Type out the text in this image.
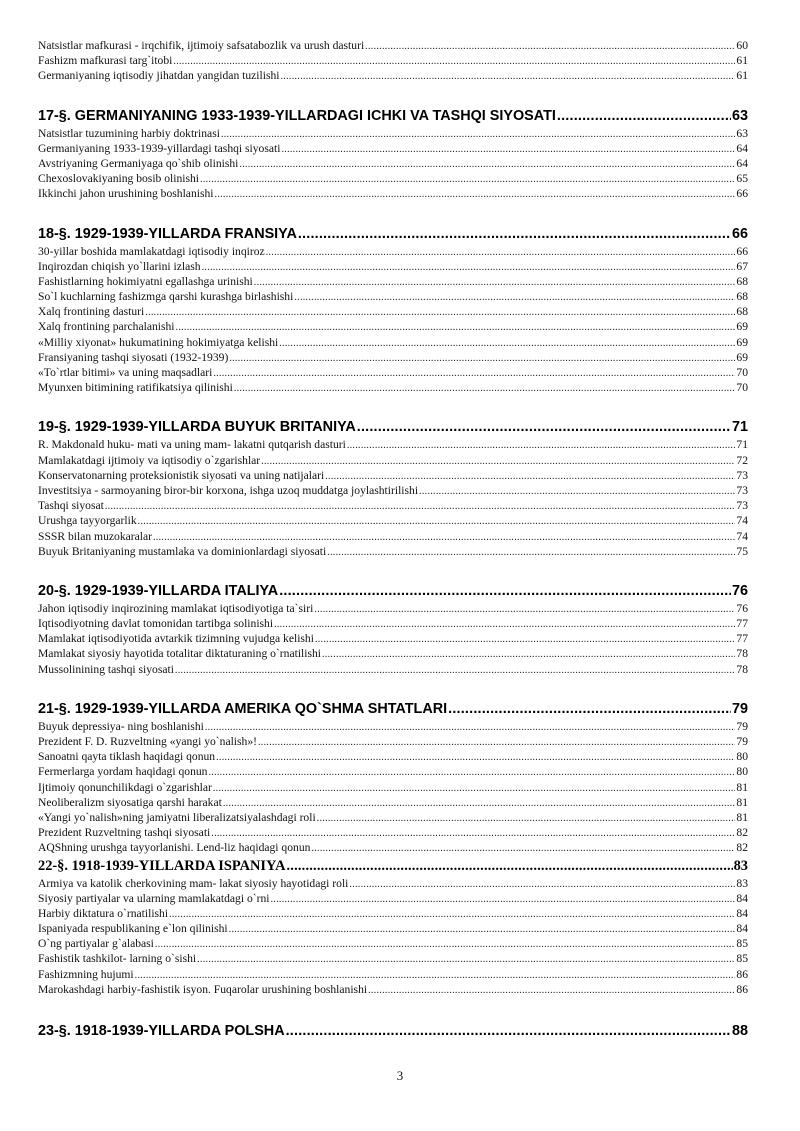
Natsistlar mafkurasi - irqchifik, ijtimoiy safsatabozlik va urush dasturi .....	60
Fashizm mafkurasi targ`itobi .....	61
Germaniyaning iqtisodiy jihatdan yangidan tuzilishi .....	61
17-§. GERMANIYANING 1933-1939-YILLARDAGI ICHKI VA TASHQI SIYOSATI .....	63
Natsistlar tuzumining harbiy doktrinasi .....	63
Germaniyaning 1933-1939-yillardagi tashqi siyosati .....	64
Avstriyaning Germaniyaga qo`shib olinishi .....	64
Chexoslovakiyaning bosib olinishi .....	65
Ikkinchi jahon urushining boshlanishi .....	66
18-§. 1929-1939-YILLARDA FRANSIYA .....	66
30-yillar boshida mamlakatdagi iqtisodiy inqiroz .....	66
Inqirozdan chiqish yo`llarini izlash .....	67
Fashistlarning hokimiyatni egallashga urinishi .....	68
So`l kuchlarning fashizmga qarshi kurashga birlashishi .....	68
Xalq frontining dasturi .....	68
Xalq frontining parchalanishi .....	69
«Milliy xiyonat» hukumatining hokimiyatga kelishi .....	69
Fransiyaning tashqi siyosati (1932-1939) .....	69
«To`rtlar bitimi» va uning maqsadlari .....	70
Myunxen bitimining ratifikatsiya qilinishi .....	70
19-§. 1929-1939-YILLARDA BUYUK BRITANIYA .....	71
R. Makdonald huku- mati va uning mam- lakatni qutqarish dasturi .....	71
Mamlakatdagi ijtimoiy va iqtisodiy o`zgarishlar .....	72
Konservatonarning proteksionistik siyosati va uning natijalari .....	73
Investitsiya - sarmoyaning biror-bir korxona, ishga uzoq muddatga joylashtirilishi .....	73
Tashqi siyosat .....	73
Urushga tayyorgarlik .....	74
SSSR bilan muzokaralar .....	74
Buyuk Britaniyaning mustamlaka va dominionlardagi siyosati .....	75
20-§. 1929-1939-YILLARDA ITALIYA .....	76
Jahon iqtisodiy inqirozining mamlakat iqtisodiyotiga ta`siri .....	76
Iqtisodiyotning davlat tomonidan tartibga solinishi .....	77
Mamlakat iqtisodiyotida avtarkik tizimning vujudga kelishi .....	77
Mamlakat siyosiy hayotida totalitar diktaturaning o`rnatilishi .....	78
Mussolinining tashqi siyosati .....	78
21-§. 1929-1939-YILLARDA AMERIKA QO`SHMA SHTATLARI .....	79
Buyuk depressiya- ning boshlanishi .....	79
Prezident F. D. Ruzveltning «yangi yo`nalish»! .....	79
Sanoatni qayta tiklash haqidagi qonun .....	80
Fermerlarga yordam haqidagi qonun .....	80
Ijtimoiy qonunchilikdagi o`zgarishlar .....	81
Neoliberalizm siyosatiga qarshi harakat .....	81
«Yangi yo`nalish»ning jamiyatni liberalizatsiyalashdagi roli .....	81
Prezident Ruzveltning tashqi siyosati .....	82
AQShning urushga tayyorlanishi. Lend-liz haqidagi qonun .....	82
22-§. 1918-1939-YILLARDA ISPANIYA .....	83
Armiya va katolik cherkovining mam- lakat siyosiy hayotidagi roli .....	83
Siyosiy partiyalar va ularning mamlakatdagi o`rni .....	84
Harbiy diktatura o`rnatilishi .....	84
Ispaniyada respublikaning e`lon qilinishi .....	84
O`ng partiyalar g`alabasi .....	85
Fashistik tashkilot- larning o`sishi .....	85
Fashizmning hujumi .....	86
Marokashdagi harbiy-fashistik isyon. Fuqarolar urushining boshlanishi .....	86
23-§. 1918-1939-YILLARDA POLSHA .....	88
3
